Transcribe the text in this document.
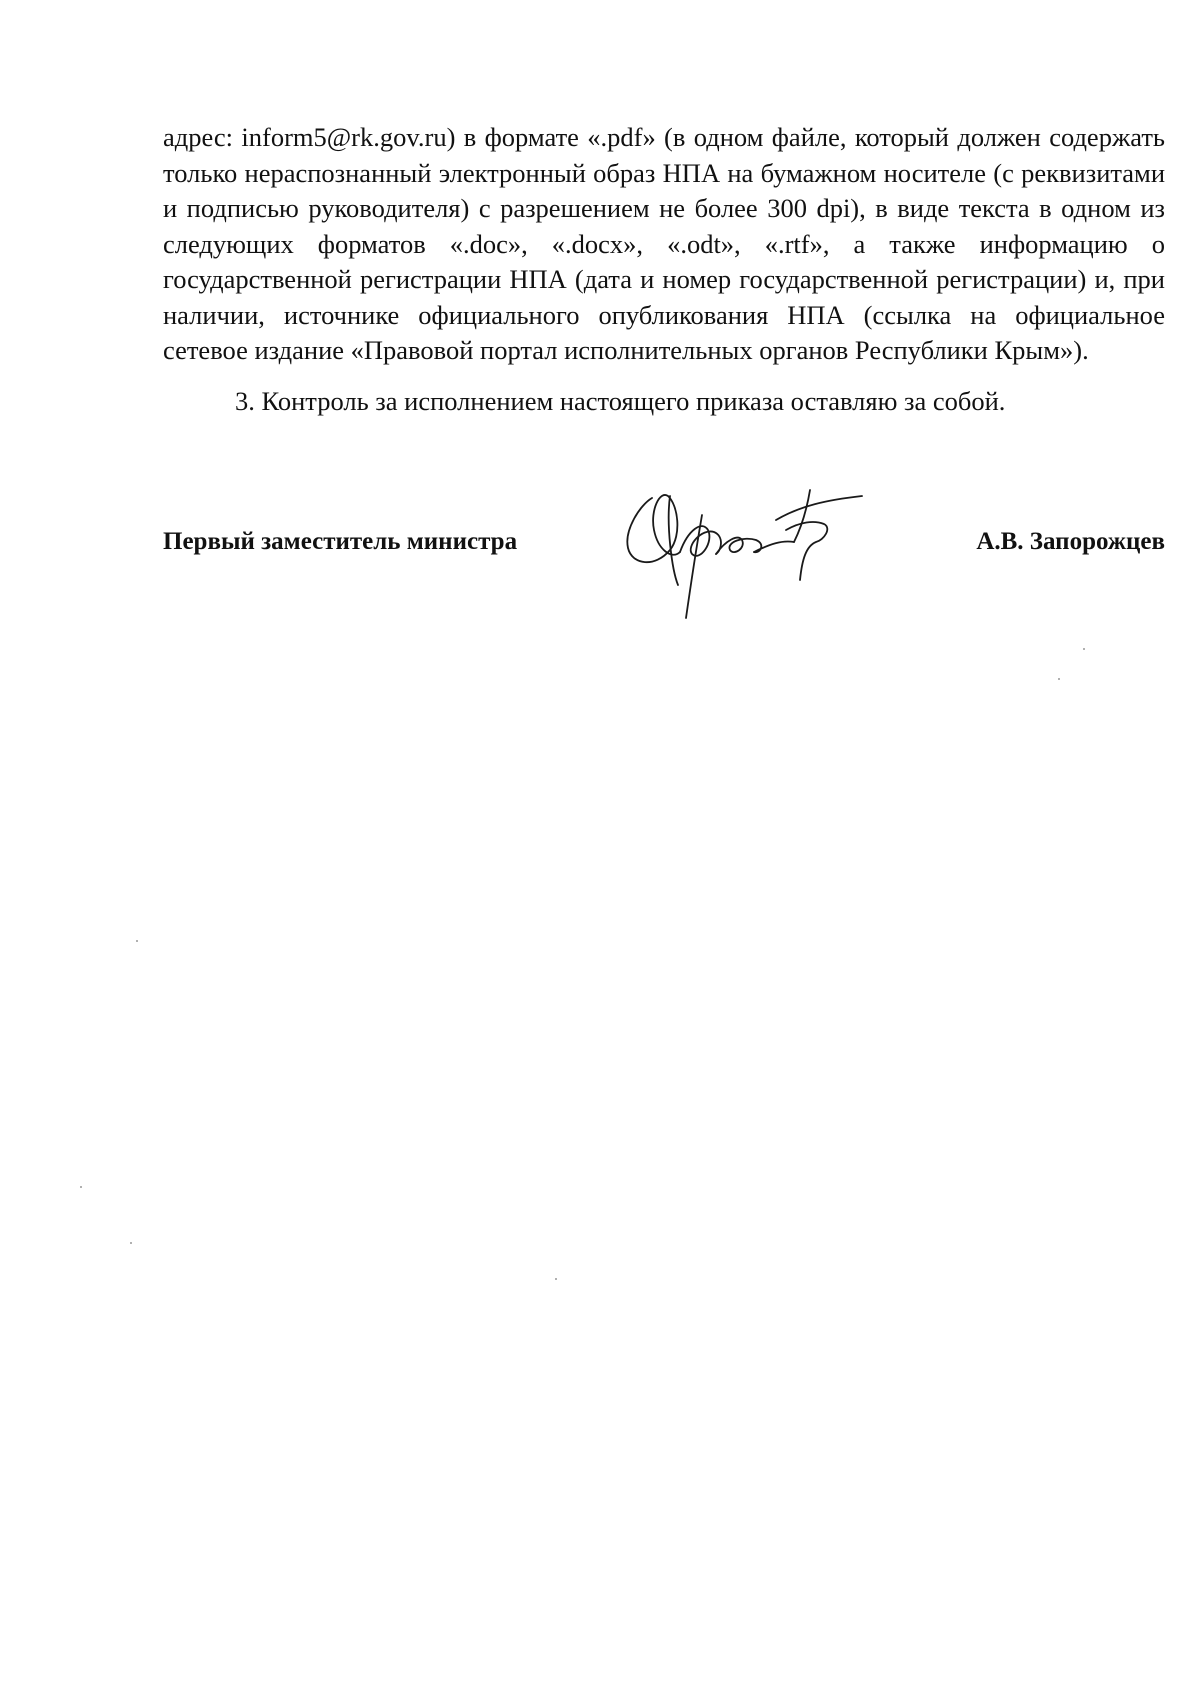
адрес: inform5@rk.gov.ru) в формате «.pdf» (в одном файле, который должен содержать только нераспознанный электронный образ НПА на бумажном носителе (с реквизитами и подписью руководителя) с разрешением не более 300 dpi), в виде текста в одном из следующих форматов «.doc», «.docx», «.odt», «.rtf», а также информацию о государственной регистрации НПА (дата и номер государственной регистрации) и, при наличии, источнике официального опубликования НПА (ссылка на официальное сетевое издание «Правовой портал исполнительных органов Республики Крым»).

3. Контроль за исполнением настоящего приказа оставляю за собой.

Первый заместитель министра	А.В. Запорожцев
